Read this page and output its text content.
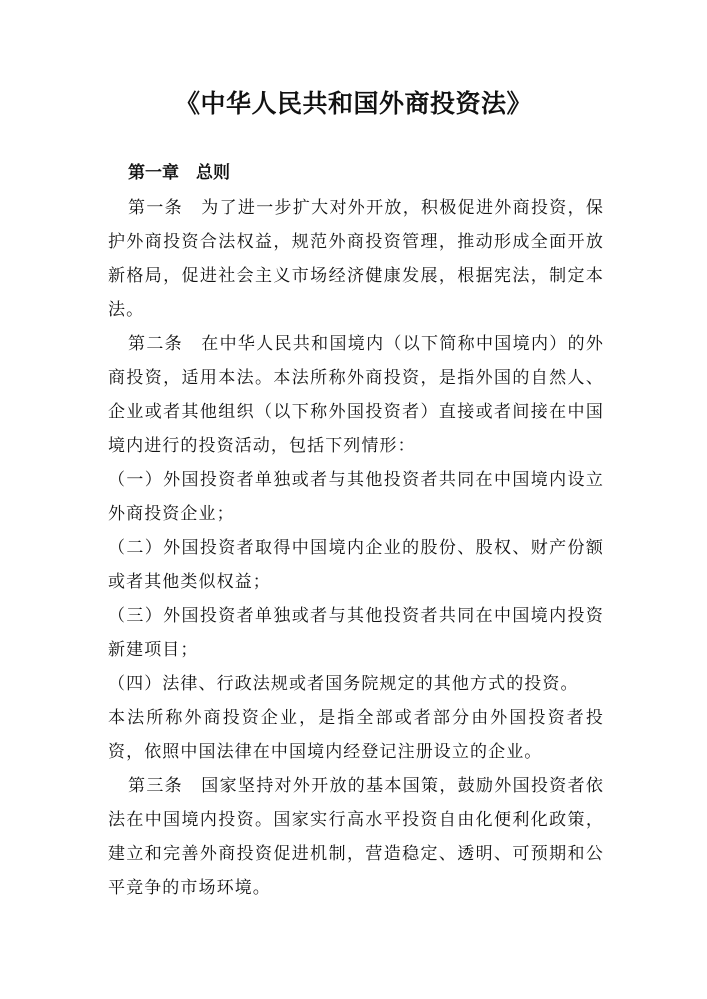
《中华人民共和国外商投资法》
第一章　总则

第一条　为了进一步扩大对外开放，积极促进外商投资，保护外商投资合法权益，规范外商投资管理，推动形成全面开放新格局，促进社会主义市场经济健康发展，根据宪法，制定本法。

第二条　在中华人民共和国境内（以下简称中国境内）的外商投资，适用本法。本法所称外商投资，是指外国的自然人、企业或者其他组织（以下称外国投资者）直接或者间接在中国境内进行的投资活动，包括下列情形：

（一）外国投资者单独或者与其他投资者共同在中国境内设立外商投资企业；

（二）外国投资者取得中国境内企业的股份、股权、财产份额或者其他类似权益；

（三）外国投资者单独或者与其他投资者共同在中国境内投资新建项目；

（四）法律、行政法规或者国务院规定的其他方式的投资。

本法所称外商投资企业，是指全部或者部分由外国投资者投资，依照中国法律在中国境内经登记注册设立的企业。

第三条　国家坚持对外开放的基本国策，鼓励外国投资者依法在中国境内投资。国家实行高水平投资自由化便利化政策，建立和完善外商投资促进机制，营造稳定、透明、可预期和公平竞争的市场环境。
